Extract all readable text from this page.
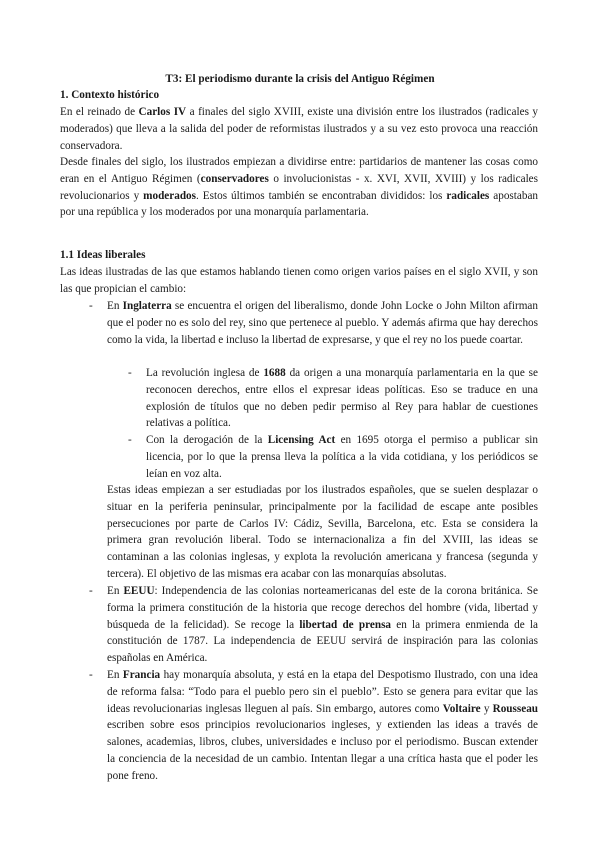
T3: El periodismo durante la crisis del Antiguo Régimen
1. Contexto histórico
En el reinado de Carlos IV a finales del siglo XVIII, existe una división entre los ilustrados (radicales y moderados) que lleva a la salida del poder de reformistas ilustrados y a su vez esto provoca una reacción conservadora.
Desde finales del siglo, los ilustrados empiezan a dividirse entre: partidarios de mantener las cosas como eran en el Antiguo Régimen (conservadores o involucionistas - x. XVI, XVII, XVIII) y los radicales revolucionarios y moderados. Estos últimos también se encontraban divididos: los radicales apostaban por una república y los moderados por una monarquía parlamentaria.
1.1 Ideas liberales
Las ideas ilustradas de las que estamos hablando tienen como origen varios países en el siglo XVII, y son las que propician el cambio:
- En Inglaterra se encuentra el origen del liberalismo, donde John Locke o John Milton afirman que el poder no es solo del rey, sino que pertenece al pueblo. Y además afirma que hay derechos como la vida, la libertad e incluso la libertad de expresarse, y que el rey no los puede coartar.
- La revolución inglesa de 1688 da origen a una monarquía parlamentaria en la que se reconocen derechos, entre ellos el expresar ideas políticas. Eso se traduce en una explosión de títulos que no deben pedir permiso al Rey para hablar de cuestiones relativas a política.
- Con la derogación de la Licensing Act en 1695 otorga el permiso a publicar sin licencia, por lo que la prensa lleva la política a la vida cotidiana, y los periódicos se leían en voz alta.
Estas ideas empiezan a ser estudiadas por los ilustrados españoles, que se suelen desplazar o situar en la periferia peninsular, principalmente por la facilidad de escape ante posibles persecuciones por parte de Carlos IV: Cádiz, Sevilla, Barcelona, etc. Esta se considera la primera gran revolución liberal. Todo se internacionaliza a fin del XVIII, las ideas se contaminan a las colonias inglesas, y explota la revolución americana y francesa (segunda y tercera). El objetivo de las mismas era acabar con las monarquías absolutas.
- En EEUU: Independencia de las colonias norteamericanas del este de la corona británica. Se forma la primera constitución de la historia que recoge derechos del hombre (vida, libertad y búsqueda de la felicidad). Se recoge la libertad de prensa en la primera enmienda de la constitución de 1787. La independencia de EEUU servirá de inspiración para las colonias españolas en América.
- En Francia hay monarquía absoluta, y está en la etapa del Despotismo Ilustrado, con una idea de reforma falsa: “Todo para el pueblo pero sin el pueblo”. Esto se genera para evitar que las ideas revolucionarias inglesas lleguen al país. Sin embargo, autores como Voltaire y Rousseau escriben sobre esos principios revolucionarios ingleses, y extienden las ideas a través de salones, academias, libros, clubes, universidades e incluso por el periodismo. Buscan extender la conciencia de la necesidad de un cambio. Intentan llegar a una crítica hasta que el poder les pone freno.
